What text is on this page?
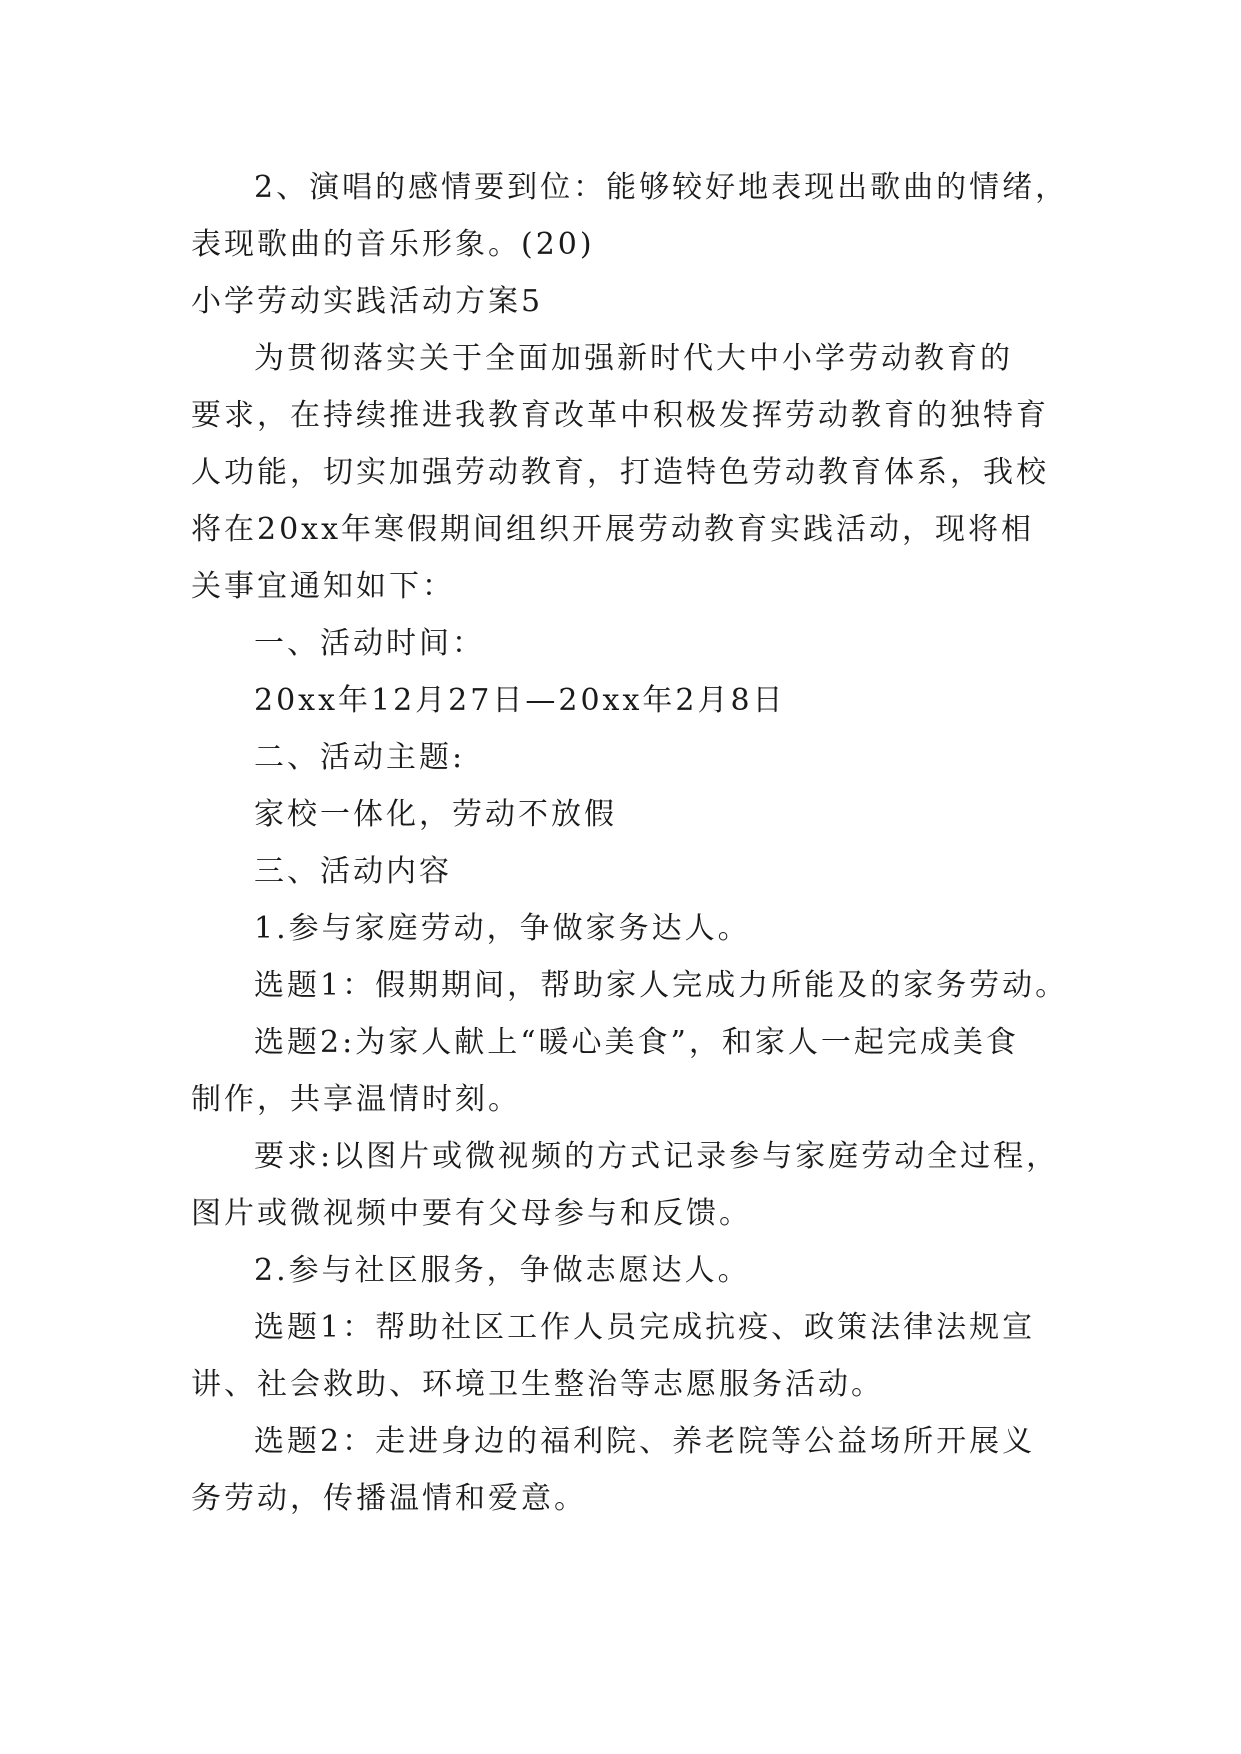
2、演唱的感情要到位：能够较好地表现出歌曲的情绪，
表现歌曲的音乐形象。(20)
小学劳动实践活动方案5
为贯彻落实关于全面加强新时代大中小学劳动教育的
要求，在持续推进我教育改革中积极发挥劳动教育的独特育
人功能，切实加强劳动教育，打造特色劳动教育体系，我校
将在20xx年寒假期间组织开展劳动教育实践活动，现将相
关事宜通知如下：
一、活动时间：
20xx年12月27日—20xx年2月8日
二、活动主题:
家校一体化，劳动不放假
三、活动内容
1.参与家庭劳动，争做家务达人。
选题1：假期期间，帮助家人完成力所能及的家务劳动。
选题2:为家人献上“暖心美食”，和家人一起完成美食
制作，共享温情时刻。
要求:以图片或微视频的方式记录参与家庭劳动全过程，
图片或微视频中要有父母参与和反馈。
2.参与社区服务，争做志愿达人。
选题1：帮助社区工作人员完成抗疫、政策法律法规宣
讲、社会救助、环境卫生整治等志愿服务活动。
选题2：走进身边的福利院、养老院等公益场所开展义
务劳动，传播温情和爱意。
